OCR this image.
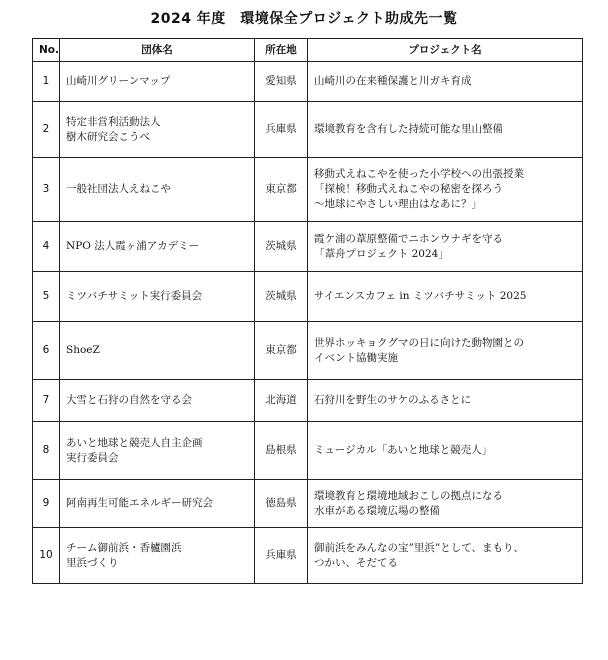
2024 年度　環境保全プロジェクト助成先一覧
No.	団体名	所在地	プロジェクト名
1	山崎川グリーンマップ	愛知県	山崎川の在来種保護と川ガキ育成

2	特定非営利活動法人
樹木研究会こうべ	兵庫県	環境教育を含有した持続可能な里山整備

3	一般社団法人えねこや	東京都	移動式えねこやを使った小学校への出張授業
「探検！移動式えねこやの秘密を探ろう
～地球にやさしい理由はなあに？」

4	NPO 法人霞ヶ浦アカデミー	茨城県	霞ケ浦の葦原整備でニホンウナギを守る
「葦舟プロジェクト 2024」

5	ミツバチサミット実行委員会	茨城県	サイエンスカフェ in ミツバチサミット 2025

6	ShoeZ	東京都	世界ホッキョクグマの日に向けた動物園との
イベント協働実施

7	大雪と石狩の自然を守る会	北海道	石狩川を野生のサケのふるさとに

8	あいと地球と競売人自主企画
実行委員会	島根県	ミュージカル「あいと地球と競売人」

9	阿南再生可能エネルギー研究会	徳島県	環境教育と環境地域おこしの拠点になる
水車がある環境広場の整備

10	チーム御前浜・香櫨園浜
里浜づくり	兵庫県	御前浜をみんなの宝”里浜”として、まもり、
つかい、そだてる
